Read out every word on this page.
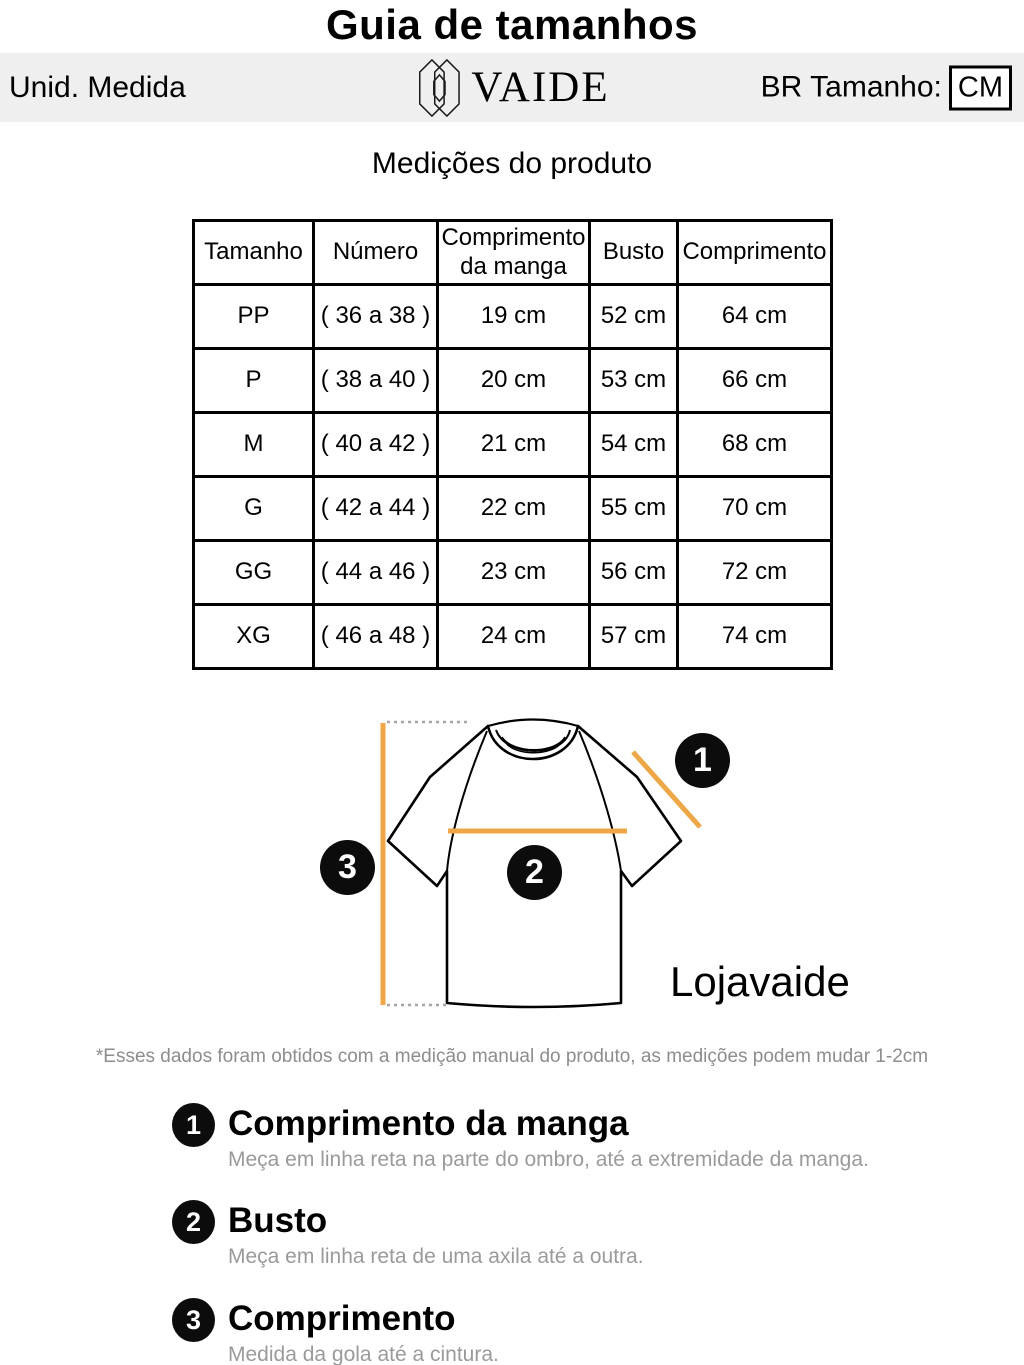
Guia de tamanhos
Unid. Medida	VAIDE	BR Tamanho: CM
Medições do produto
Tamanho	Número	Comprimento da manga	Busto	Comprimento
PP	( 36 a 38 )	19 cm	52 cm	64 cm
P	( 38 a 40 )	20 cm	53 cm	66 cm
M	( 40 a 42 )	21 cm	54 cm	68 cm
G	( 42 a 44 )	22 cm	55 cm	70 cm
GG	( 44 a 46 )	23 cm	56 cm	72 cm
XG	( 46 a 48 )	24 cm	57 cm	74 cm
1
2
3
Lojavaide
*Esses dados foram obtidos com a medição manual do produto, as medições podem mudar 1-2cm
1 Comprimento da manga
Meça em linha reta na parte do ombro, até a extremidade da manga.
2 Busto
Meça em linha reta de uma axila até a outra.
3 Comprimento
Medida da gola até a cintura.
